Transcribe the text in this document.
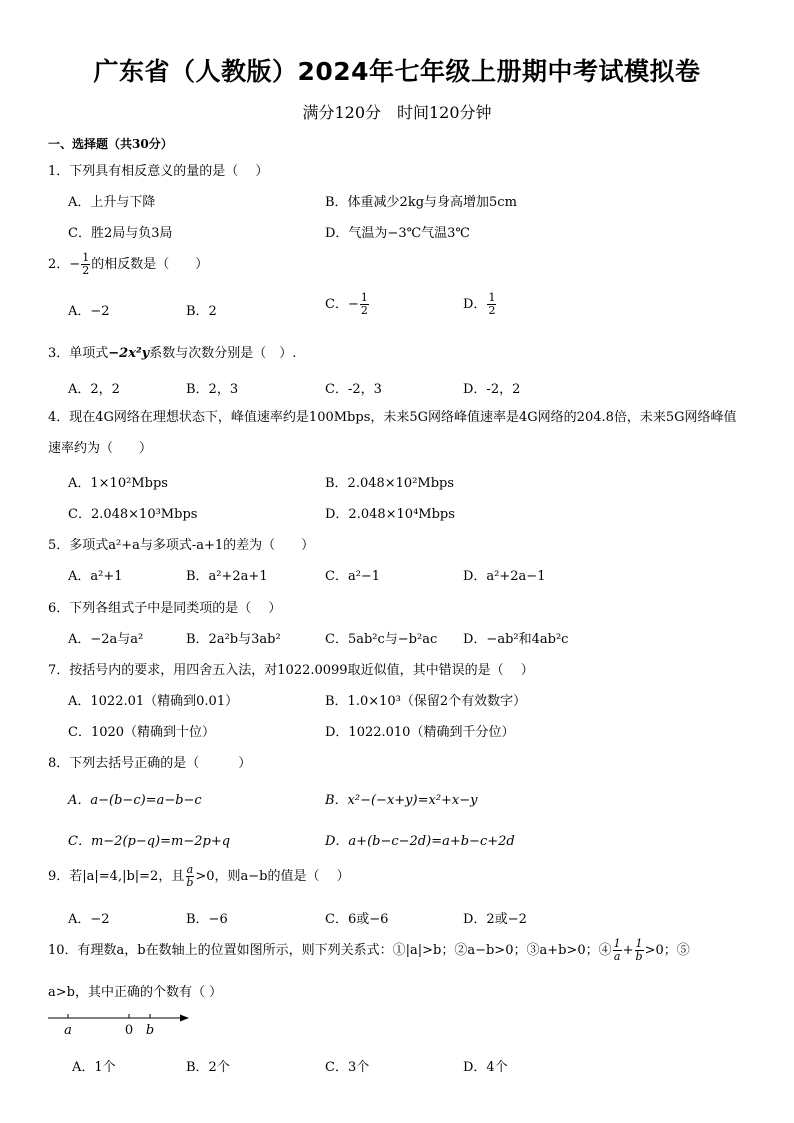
广东省（人教版）2024年七年级上册期中考试模拟卷
满分120分　时间120分钟
一、选择题（共30分）
1．下列具有相反意义的量的是（　 ）
A．上升与下降	B．体重减少2kg与身高增加5cm
C．胜2局与负3局	D．气温为−3℃气温3℃
2．− $\frac{1}{2}$ 的相反数是（　　）
A．−2	B．2	C．− $\frac{1}{2}$	D． $\frac{1}{2}$
3．单项式−2x²y系数与次数分别是（　）.
A．2，2	B．2，3	C．-2，3	D．-2，2
4．现在4G网络在理想状态下，峰值速率约是100Mbps，未来5G网络峰值速率是4G网络的204.8倍，未来5G网络峰值速率约为（　　）
A．1×10²Mbps	B．2.048×10²Mbps
C．2.048×10³Mbps	D．2.048×10⁴Mbps
5．多项式a²+a与多项式-a+1的差为（　　）
A．a²+1	B．a²+2a+1	C．a²−1	D．a²+2a−1
6．下列各组式子中是同类项的是（　 ）
A．−2a与a²	B．2a²b与3ab²	C．5ab²c与−b²ac D．−ab²和4ab²c
7．按括号内的要求，用四舍五入法，对1022.0099取近似值，其中错误的是（　 ）
A．1022.01（精确到0.01）	B．1.0×10³（保留2个有效数字）
C．1020（精确到十位）	D．1022.010（精确到千分位）
8．下列去括号正确的是（　　　）
A．a−(b−c)=a−b−c	B．x²−(−x+y)=x²+x−y
C．m−2(p−q)=m−2p+q	D．a+(b−c−2d)=a+b−c+2d
9．若|a|=4,|b|=2，且 $\frac{a}{b} >0$，则a−b的值是（　 ）
A．−2	B．−6	C．6或−6	D．2或−2
10．有理数a，b在数轴上的位置如图所示，则下列关系式：①|a|>b；②a−b>0；③a+b>0；④ $\frac{1}{a} + \frac{1}{b} >0$；⑤
a>b，其中正确的个数有（ ）
a	0 b
A．1个	B．2个	C．3个	D．4个
